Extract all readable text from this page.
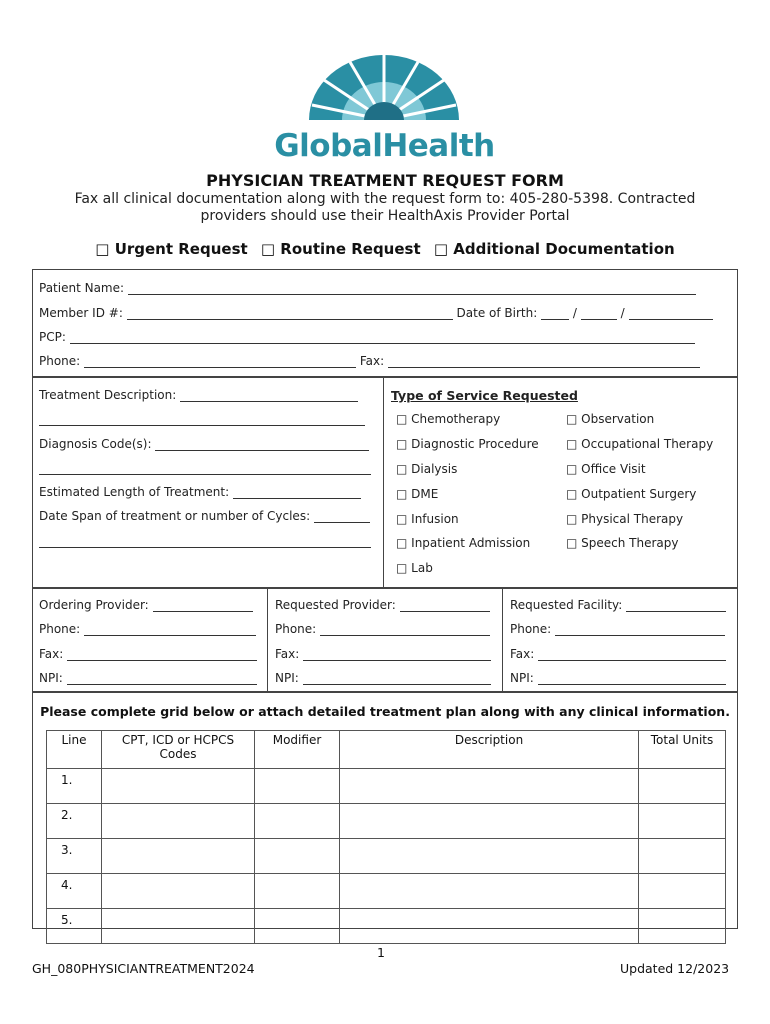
GlobalHealth
PHYSICIAN TREATMENT REQUEST FORM
Fax all clinical documentation along with the request form to: 405-280-5398. Contracted providers should use their HealthAxis Provider Portal
□ Urgent Request □ Routine Request □ Additional Documentation
Patient Name:
Member ID #:	Date of Birth:	/	/
PCP:
Phone:	Fax:
Treatment Description:
Diagnosis Code(s):
Estimated Length of Treatment:
Date Span of treatment or number of Cycles:
Type of Service Requested
□ Chemotherapy
□ Diagnostic Procedure
□ Dialysis
□ DME
□ Infusion
□ Inpatient Admission
□ Lab
□ Observation
□ Occupational Therapy
□ Office Visit
□ Outpatient Surgery
□ Physical Therapy
□ Speech Therapy
Ordering Provider:
Phone:
Fax:
NPI:
Requested Provider:
Phone:
Fax:
NPI:
Requested Facility:
Phone:
Fax:
NPI:
Please complete grid below or attach detailed treatment plan along with any clinical information.
Line	CPT, ICD or HCPCS Codes	Modifier	Description	Total Units
1.				
2.				
3.				
4.				
5.				
1
GH_080PHYSICIANTREATMENT2024	Updated 12/2023
